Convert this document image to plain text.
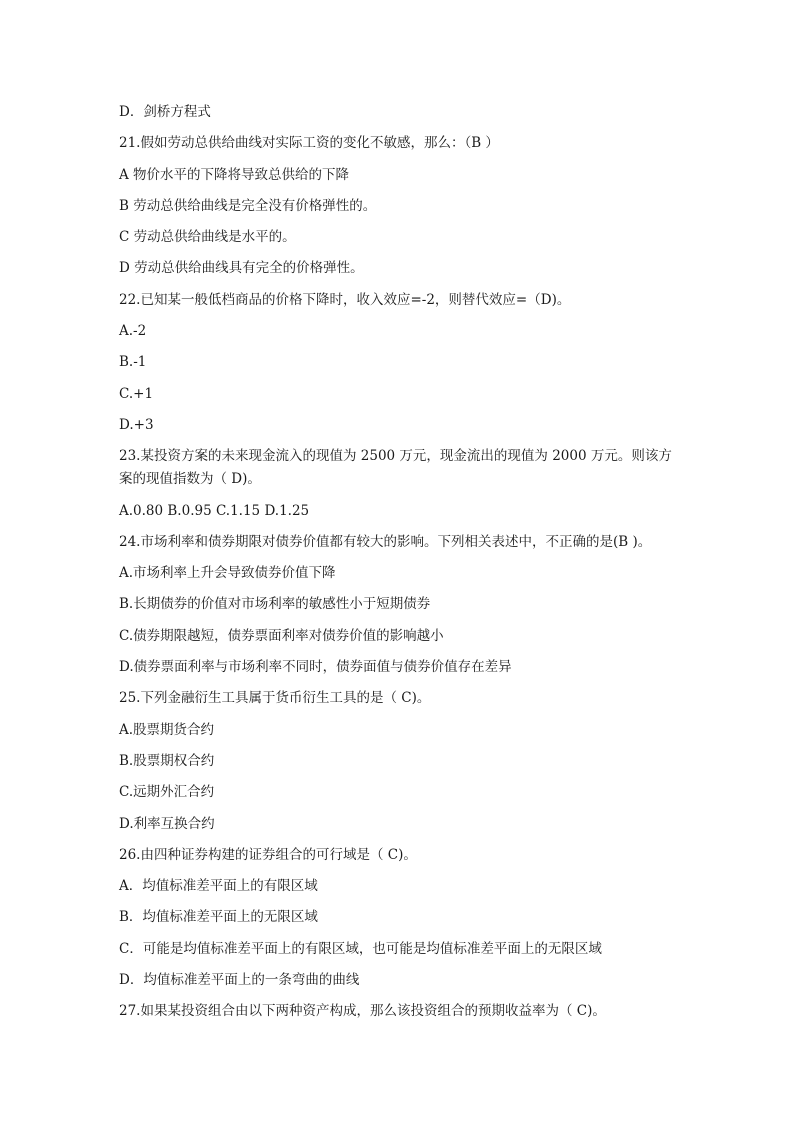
D．剑桥方程式
21.假如劳动总供给曲线对实际工资的变化不敏感，那么：（B ）
A 物价水平的下降将导致总供给的下降
B 劳动总供给曲线是完全没有价格弹性的。
C 劳动总供给曲线是水平的。
D 劳动总供给曲线具有完全的价格弹性。
22.已知某一般低档商品的价格下降时，收入效应=-2，则替代效应=（D)。
A.-2
B.-1
C.+1
D.+3
23.某投资方案的未来现金流入的现值为 2500 万元，现金流出的现值为 2000 万元。则该方
案的现值指数为（ D)。
A.0.80 B.0.95 C.1.15 D.1.25
24.市场利率和债券期限对债券价值都有较大的影响。下列相关表述中，不正确的是(B )。
A.市场利率上升会导致债券价值下降
B.长期债券的价值对市场利率的敏感性小于短期债券
C.债券期限越短，债券票面利率对债券价值的影响越小
D.债券票面利率与市场利率不同时，债券面值与债券价值存在差异
25.下列金融衍生工具属于货币衍生工具的是（ C)。
A.股票期货合约
B.股票期权合约
C.远期外汇合约
D.利率互换合约
26.由四种证券构建的证券组合的可行域是（ C)。
A．均值标准差平面上的有限区域
B．均值标准差平面上的无限区域
C．可能是均值标准差平面上的有限区域，也可能是均值标准差平面上的无限区域
D．均值标准差平面上的一条弯曲的曲线
27.如果某投资组合由以下两种资产构成，那么该投资组合的预期收益率为（ C)。
